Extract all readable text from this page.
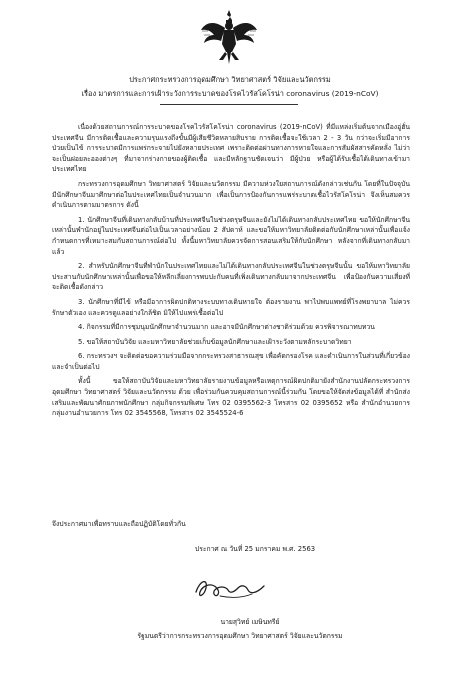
ประกาศกระทรวงการอุดมศึกษา วิทยาศาสตร์ วิจัยและนวัตกรรม
เรื่อง มาตรการและการเฝ้าระวังการระบาดของโรคไวรัสโคโรน่า coronavirus (2019-nCoV)

เนื่องด้วยสถานการณ์การระบาดของโรคไวรัสโคโรน่า coronavirus (2019-nCoV) ที่มีแหล่งเริ่มต้นจากเมืองอู่ฮั่น ประเทศจีน มีการติดเชื้อและความรุนแรงถึงขั้นมีผู้เสียชีวิตหลายสิบราย การติดเชื้อจะใช้เวลา 2 - 3 วัน กว่าจะเริ่มมีอาการป่วยเป็นไข้ การระบาดมีการแพร่กระจายไปยังหลายประเทศ เพราะติดต่อผ่านทางการหายใจและการสัมผัสสารคัดหลั่ง ไม่ว่าจะเป็นฝอยละอองต่างๆ ที่มาจากร่างกายของผู้ติดเชื้อ และมีหลักฐานชัดเจนว่า มีผู้ป่วย หรือผู้ได้รับเชื้อได้เดินทางเข้ามาประเทศไทย

กระทรวงการอุดมศึกษา วิทยาศาสตร์ วิจัยและนวัตกรรม มีความห่วงใยสถานการณ์ดังกล่าวเช่นกัน โดยที่ในปัจจุบันมีนักศึกษาจีนมาศึกษาต่อในประเทศไทยเป็นจำนวนมาก เพื่อเป็นการป้องกันการแพร่ระบาดเชื้อไวรัสโคโรน่า จึงเห็นสมควรดำเนินการตามมาตรการ ดังนี้

1. นักศึกษาจีนที่เดินทางกลับบ้านที่ประเทศจีนในช่วงตรุษจีนและยังไม่ได้เดินทางกลับประเทศไทย ขอให้นักศึกษาจีนเหล่านั้นพำนักอยู่ในประเทศจีนต่อไปเป็นเวลาอย่างน้อย 2 สัปดาห์ และขอให้มหาวิทยาลัยติดต่อกับนักศึกษาเหล่านั้นเพื่อแจ้งกำหนดการที่เหมาะสมกับสถานการณ์ต่อไป ทั้งนี้มหาวิทยาลัยควรจัดการสอนเสริมให้กับนักศึกษา หลังจากที่เดินทางกลับมาแล้ว

2. สำหรับนักศึกษาจีนที่พำนักในประเทศไทยและไม่ได้เดินทางกลับประเทศจีนในช่วงตรุษจีนนั้น ขอให้มหาวิทยาลัยประสานกับนักศึกษาเหล่านั้นเพื่อขอให้หลีกเลี่ยงการพบปะกับคนที่เพิ่งเดินทางกลับมาจากประเทศจีน เพื่อป้องกันความเสี่ยงที่จะติดเชื้อดังกล่าว

3. นักศึกษาที่มีไข้ หรือมีอาการผิดปกติทางระบบทางเดินหายใจ ต้องรายงาน พาไปพบแพทย์ที่โรงพยาบาล ไม่ควรรักษาตัวเอง และควรดูแลอย่างใกล้ชิด มิให้ไปแพร่เชื้อต่อไป

4. กิจกรรมที่มีการชุมนุมนักศึกษาจำนวนมาก และอาจมีนักศึกษาต่างชาติร่วมด้วย ควรพิจารณาทบทวน

5. ขอให้สถาบันวิจัย และมหาวิทยาลัยช่วยเก็บข้อมูลนักศึกษาและเฝ้าระวังตามหลักระบาดวิทยา

6. กระทรวงฯ จะติดต่อขอความร่วมมือจากกระทรวงสาธารณสุข เพื่อคัดกรองโรค และดำเนินการในส่วนที่เกี่ยวข้องและจำเป็นต่อไป

ทั้งนี้ ขอให้สถาบันวิจัยและมหาวิทยาลัยรายงานข้อมูลหรือเหตุการณ์ผิดปกติมายังสำนักงานปลัดกระทรวงการอุดมศึกษา วิทยาศาสตร์ วิจัยและนวัตกรรม ด้วย เพื่อร่วมกันควบคุมสถานการณ์นี้ร่วมกัน โดยขอให้จัดส่งข้อมูลได้ที่ สำนักส่งเสริมและพัฒนาศักยภาพนักศึกษา กลุ่มกิจกรรมพิเศษ โทร 02 0395562-3 โทรสาร 02 0395652 หรือ สำนักอำนวยการ กลุ่มงานอำนวยการ โทร 02 3545568, โทรสาร 02 3545524-6

จึงประกาศมาเพื่อทราบและถือปฏิบัติโดยทั่วกัน
ประกาศ ณ วันที่ 25 มกราคม พ.ศ. 2563
นายสุวิทย์ เมษินทรีย์
รัฐมนตรีว่าการกระทรวงการอุดมศึกษา วิทยาศาสตร์ วิจัยและนวัตกรรม
